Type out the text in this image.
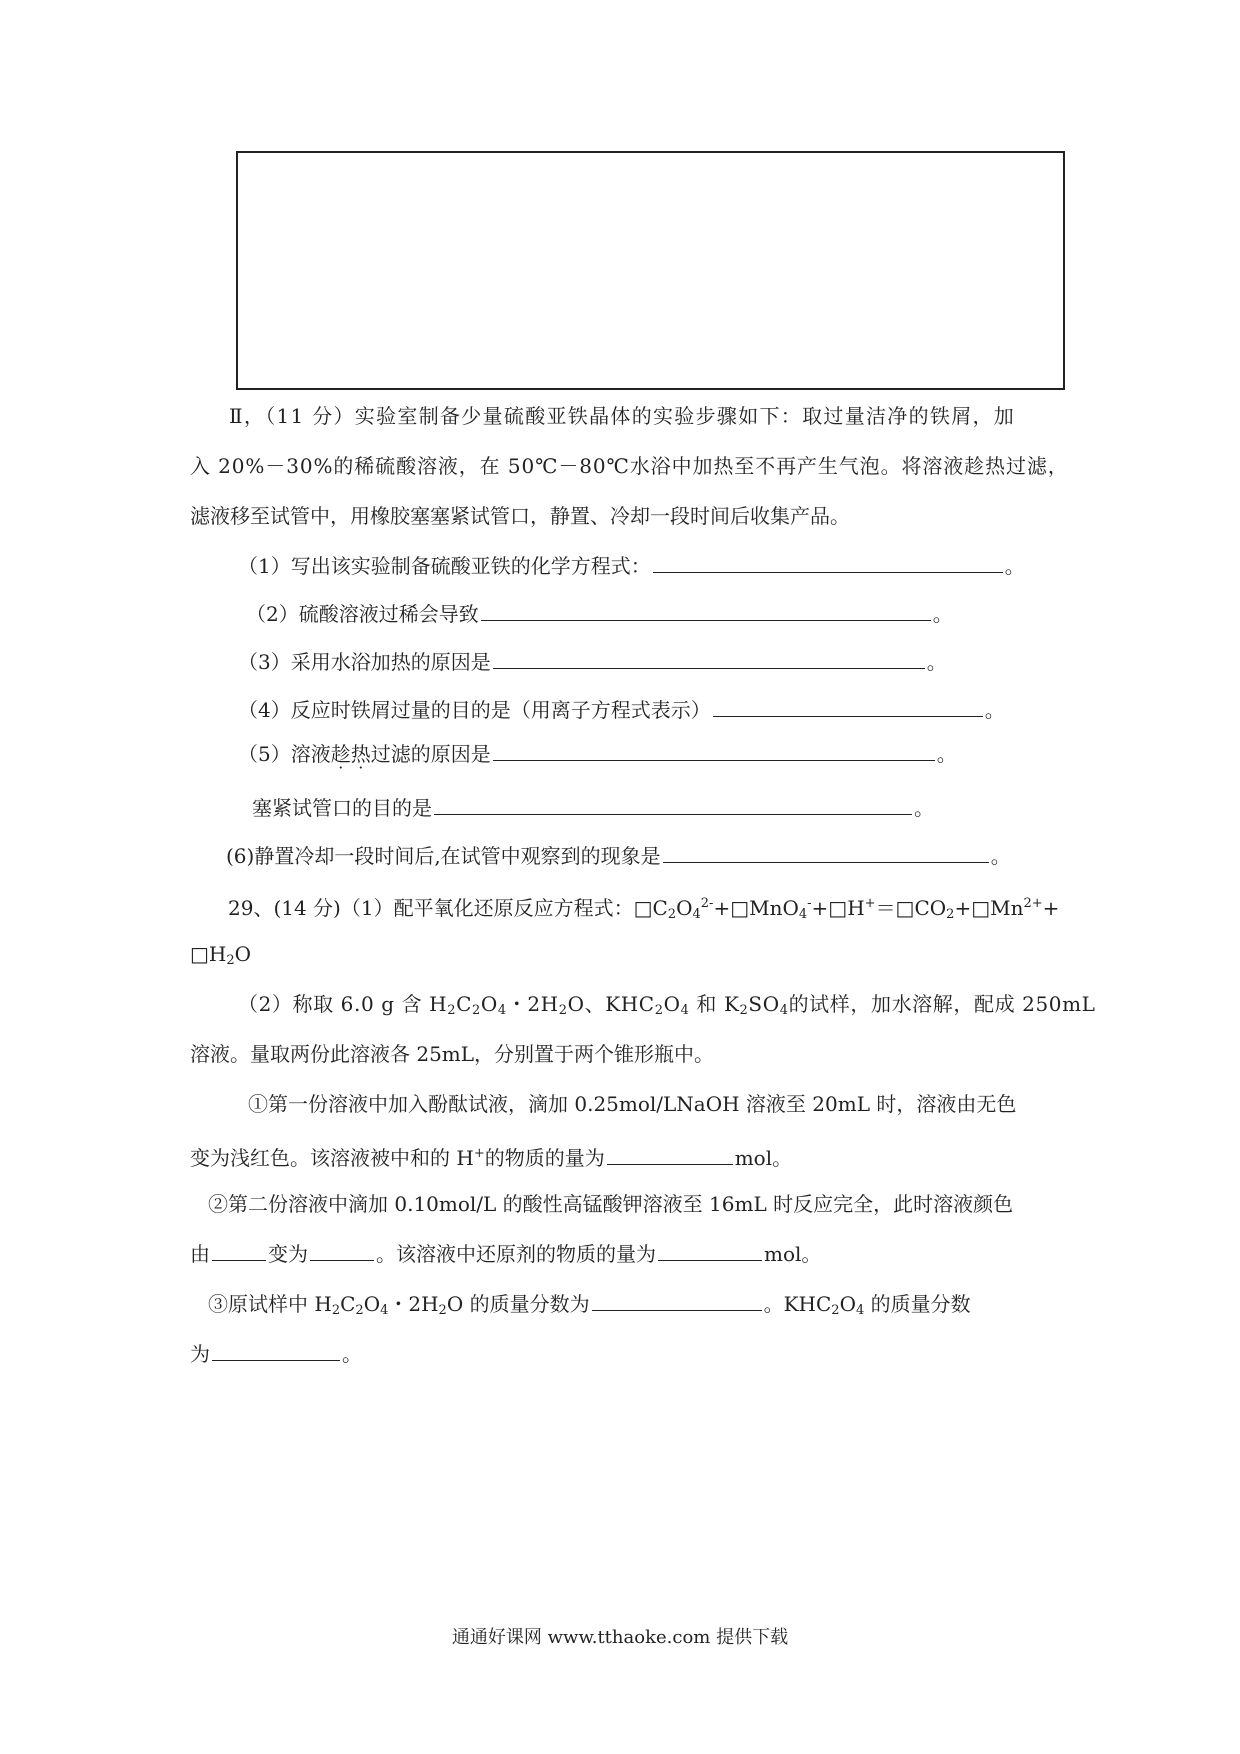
Ⅱ，（11 分）实验室制备少量硫酸亚铁晶体的实验步骤如下：取过量洁净的铁屑，加
入 20%－30%的稀硫酸溶液，在 50℃－80℃水浴中加热至不再产生气泡。将溶液趁热过滤，
滤液移至试管中，用橡胶塞塞紧试管口，静置、冷却一段时间后收集产品。
（1）写出该实验制备硫酸亚铁的化学方程式：	。
（2）硫酸溶液过稀会导致	。
（3）采用水浴加热的原因是	。
（4）反应时铁屑过量的目的是（用离子方程式表示）	。
（5）溶液趁热过滤的原因是	。
塞紧试管口的目的是	。
(6)静置冷却一段时间后,在试管中观察到的现象是	。
29、(14 分)（1）配平氧化还原反应方程式：$□C_2O_4^{2-}+□MnO_4^-+□H^+=□CO_2+□Mn^{2+}+$
$□H_2O$
（2）称取 6.0 g 含 $H_2C_2O_4$・$2H_2O$、$KHC_2O_4$ 和 $K_2SO_4$的试样，加水溶解，配成 250mL
溶液。量取两份此溶液各 25mL，分别置于两个锥形瓶中。
①第一份溶液中加入酚酞试液，滴加 0.25mol/LNaOH 溶液至 20mL 时，溶液由无色
变为浅红色。该溶液被中和的 H+的物质的量为	mol。
②第二份溶液中滴加 0.10mol/L 的酸性高锰酸钾溶液至 16mL 时反应完全，此时溶液颜色
由	变为	。该溶液中还原剂的物质的量为	mol。
③原试样中 $H_2C_2O_4$・$2H_2O$ 的质量分数为	。$KHC_2O_4$ 的质量分数
为	。
通通好课网 www.tthaoke.com 提供下载
